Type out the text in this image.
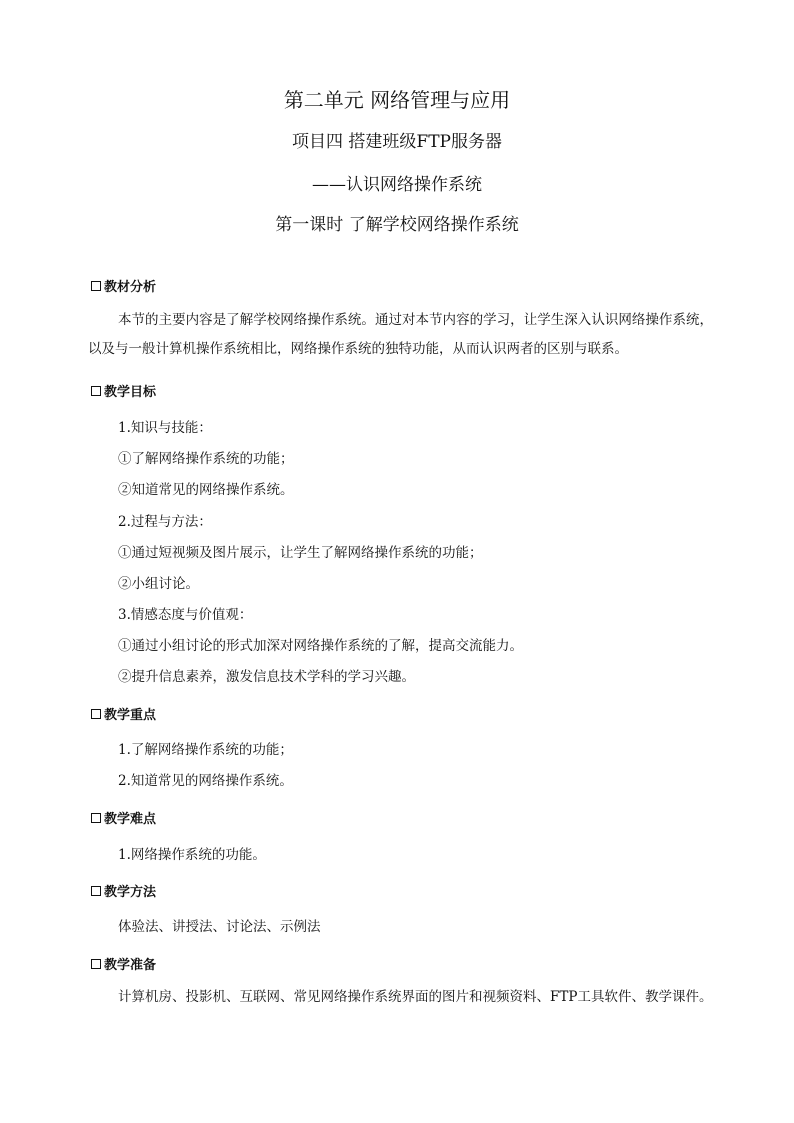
第二单元 网络管理与应用
项目四 搭建班级FTP服务器
——认识网络操作系统
第一课时 了解学校网络操作系统
教材分析
本节的主要内容是了解学校网络操作系统。通过对本节内容的学习，让学生深入认识网络操作系统，以及与一般计算机操作系统相比，网络操作系统的独特功能，从而认识两者的区别与联系。
教学目标
1.知识与技能：
①了解网络操作系统的功能；
②知道常见的网络操作系统。
2.过程与方法：
①通过短视频及图片展示，让学生了解网络操作系统的功能；
②小组讨论。
3.情感态度与价值观：
①通过小组讨论的形式加深对网络操作系统的了解，提高交流能力。
②提升信息素养，激发信息技术学科的学习兴趣。
教学重点
1.了解网络操作系统的功能；
2.知道常见的网络操作系统。
教学难点
1.网络操作系统的功能。
教学方法
体验法、讲授法、讨论法、示例法
教学准备
计算机房、投影机、互联网、常见网络操作系统界面的图片和视频资料、FTP工具软件、教学课件。
